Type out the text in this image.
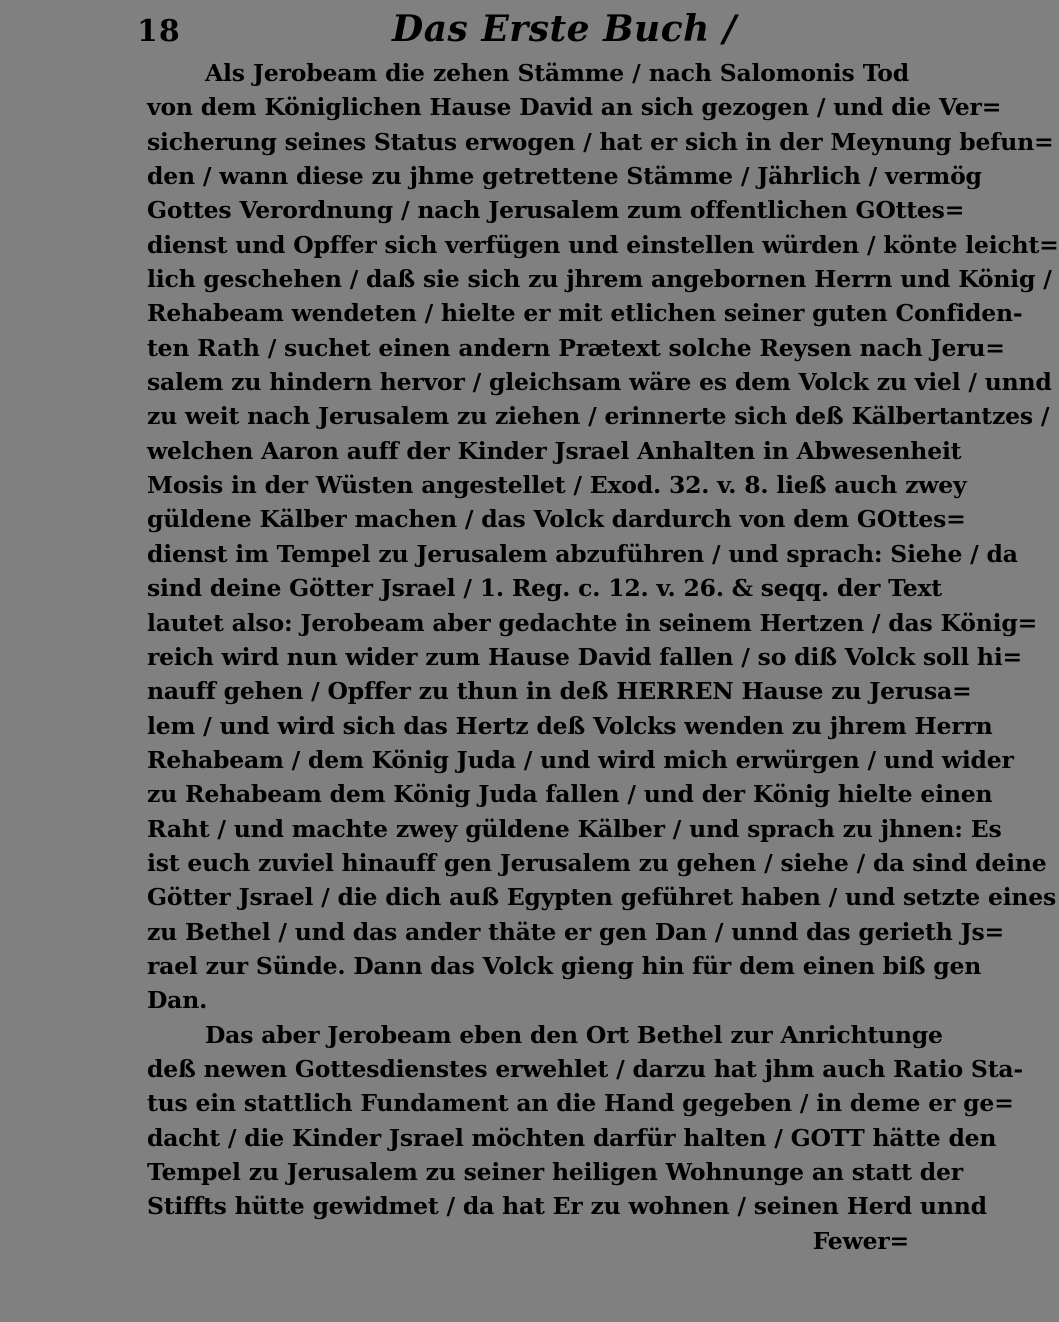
18	Das Erste Buch /
Als Jerobeam die zehen Stämme / nach Salomonis Tod
von dem Königlichen Hause David an sich gezogen / und die Ver=
sicherung seines Status erwogen / hat er sich in der Meynung befun=
den / wann diese zu jhme getrettene Stämme / Jährlich / vermög
Gottes Verordnung / nach Jerusalem zum offentlichen GOttes=
dienst und Opffer sich verfügen und einstellen würden / könte leicht=
lich geschehen / daß sie sich zu jhrem angebornen Herrn und König /
Rehabeam wendeten / hielte er mit etlichen seiner guten Confiden-
ten Rath / suchet einen andern Prætext solche Reysen nach Jeru=
salem zu hindern hervor / gleichsam wäre es dem Volck zu viel / unnd
zu weit nach Jerusalem zu ziehen / erinnerte sich deß Kälbertantzes /
welchen Aaron auff der Kinder Jsrael Anhalten in Abwesenheit
Mosis in der Wüsten angestellet / Exod. 32. v. 8. ließ auch zwey
güldene Kälber machen / das Volck dardurch von dem GOttes=
dienst im Tempel zu Jerusalem abzuführen / und sprach: Siehe / da
sind deine Götter Jsrael / 1. Reg. c. 12. v. 26. & seqq. der Text
lautet also: Jerobeam aber gedachte in seinem Hertzen / das König=
reich wird nun wider zum Hause David fallen / so diß Volck soll hi=
nauff gehen / Opffer zu thun in deß HERREN Hause zu Jerusa=
lem / und wird sich das Hertz deß Volcks wenden zu jhrem Herrn
Rehabeam / dem König Juda / und wird mich erwürgen / und wider
zu Rehabeam dem König Juda fallen / und der König hielte einen
Raht / und machte zwey güldene Kälber / und sprach zu jhnen: Es
ist euch zuviel hinauff gen Jerusalem zu gehen / siehe / da sind deine
Götter Jsrael / die dich auß Egypten geführet haben / und setzte eines
zu Bethel / und das ander thäte er gen Dan / unnd das gerieth Js=
rael zur Sünde. Dann das Volck gieng hin für dem einen biß gen
Dan.
Das aber Jerobeam eben den Ort Bethel zur Anrichtunge
deß newen Gottesdienstes erwehlet / darzu hat jhm auch Ratio Sta-
tus ein stattlich Fundament an die Hand gegeben / in deme er ge=
dacht / die Kinder Jsrael möchten darfür halten / GOTT hätte den
Tempel zu Jerusalem zu seiner heiligen Wohnunge an statt der
Stiffts hütte gewidmet / da hat Er zu wohnen / seinen Herd unnd
Fewer=
